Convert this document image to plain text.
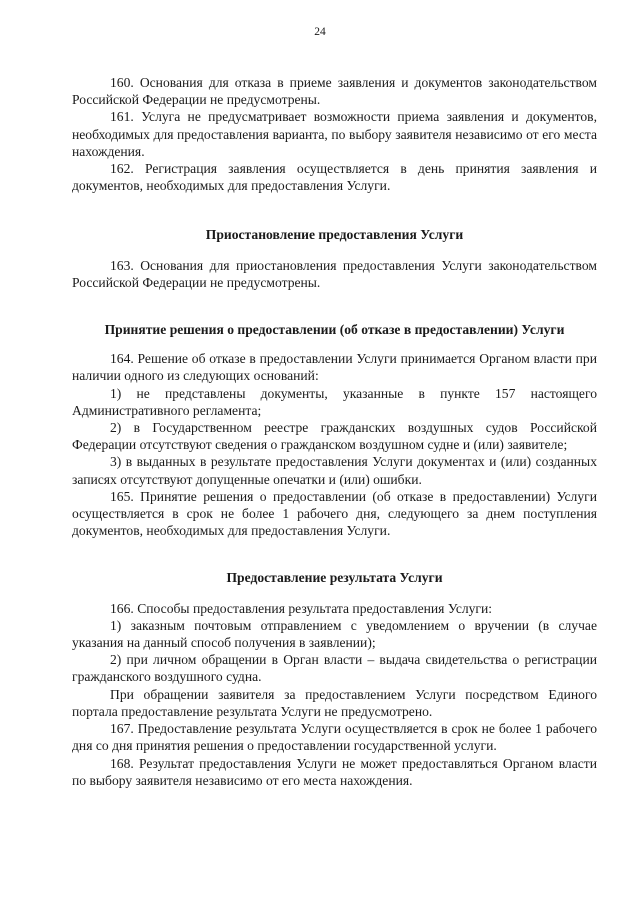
24

160. Основания для отказа в приеме заявления и документов законодательством Российской Федерации не предусмотрены.

161. Услуга не предусматривает возможности приема заявления и документов, необходимых для предоставления варианта, по выбору заявителя независимо от его места нахождения.

162. Регистрация заявления осуществляется в день принятия заявления и документов, необходимых для предоставления Услуги.

Приостановление предоставления Услуги

163. Основания для приостановления предоставления Услуги законодательством Российской Федерации не предусмотрены.

Принятие решения о предоставлении (об отказе в предоставлении) Услуги

164. Решение об отказе в предоставлении Услуги принимается Органом власти при наличии одного из следующих оснований:

1) не представлены документы, указанные в пункте 157 настоящего Административного регламента;

2) в Государственном реестре гражданских воздушных судов Российской Федерации отсутствуют сведения о гражданском воздушном судне и (или) заявителе;

3) в выданных в результате предоставления Услуги документах и (или) созданных записях отсутствуют допущенные опечатки и (или) ошибки.

165. Принятие решения о предоставлении (об отказе в предоставлении) Услуги осуществляется в срок не более 1 рабочего дня, следующего за днем поступления документов, необходимых для предоставления Услуги.

Предоставление результата Услуги

166. Способы предоставления результата предоставления Услуги:

1) заказным почтовым отправлением с уведомлением о вручении (в случае указания на данный способ получения в заявлении);

2) при личном обращении в Орган власти – выдача свидетельства о регистрации гражданского воздушного судна.

При обращении заявителя за предоставлением Услуги посредством Единого портала предоставление результата Услуги не предусмотрено.

167. Предоставление результата Услуги осуществляется в срок не более 1 рабочего дня со дня принятия решения о предоставлении государственной услуги.

168. Результат предоставления Услуги не может предоставляться Органом власти по выбору заявителя независимо от его места нахождения.
